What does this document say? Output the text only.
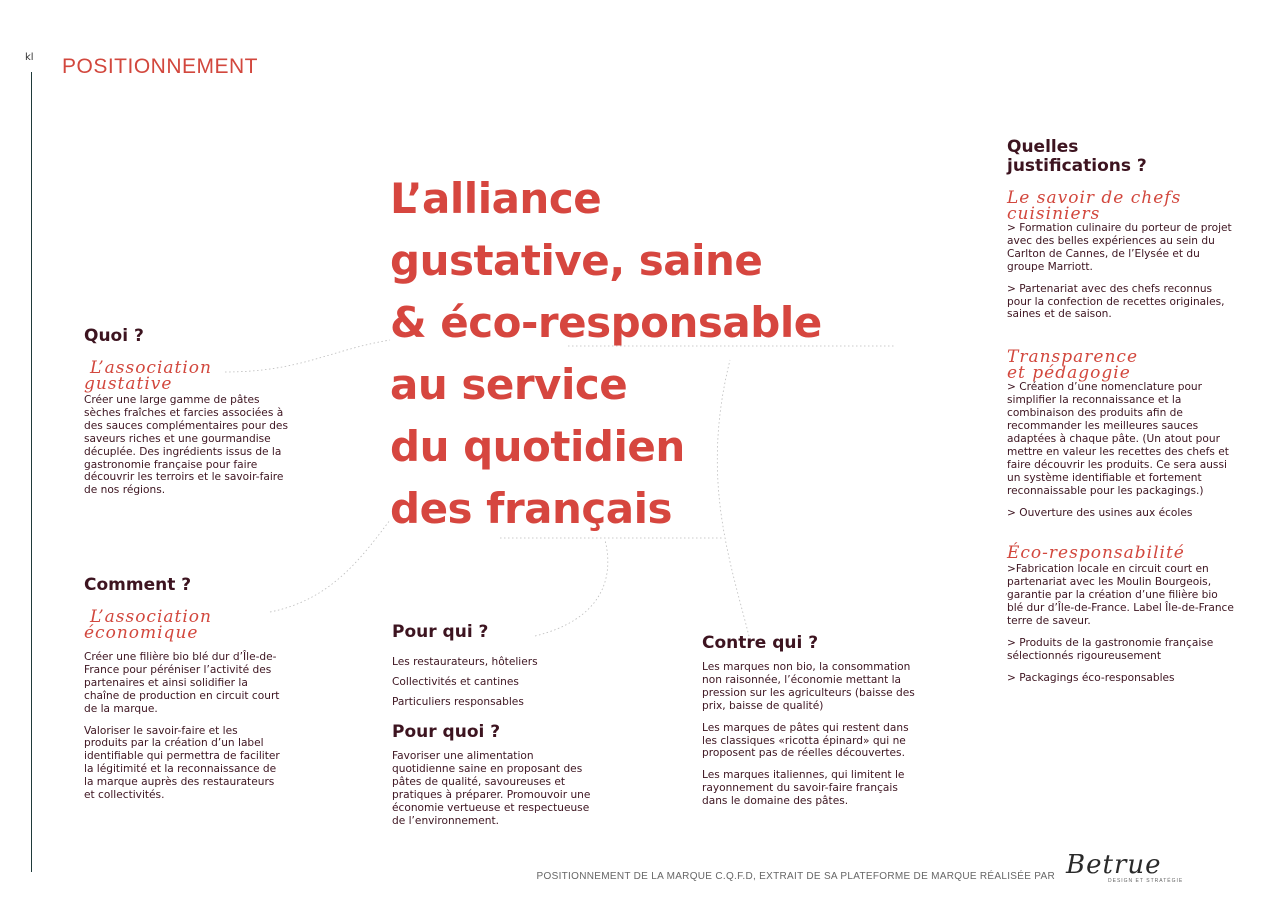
kl POSITIONNEMENT
L’alliance
gustative, saine
& éco-responsable
au service
du quotidien
des français
Quoi ?
L’association
gustative
Créer une large gamme de pâtes sèches fraîches et farcies associées à des sauces complémentaires pour des saveurs riches et une gourmandise décuplée. Des ingrédients issus de la gastronomie française pour faire découvrir les terroirs et le savoir-faire de nos régions.
Comment ?
L’association
économique

Créer une filière bio blé dur d’Île-de-France pour péréniser l’activité des partenaires et ainsi solidifier la chaîne de production en circuit court de la marque.

Valoriser le savoir-faire et les produits par la création d’un label identifiable qui permettra de faciliter la légitimité et la reconnaissance de la marque auprès des restaurateurs et collectivités.

Pour qui ?
Les restaurateurs, hôteliers
Collectivités et cantines
Particuliers responsables
Pour quoi ?
Favoriser une alimentation quotidienne saine en proposant des pâtes de qualité, savoureuses et pratiques à préparer. Promouvoir une économie vertueuse et respectueuse de l’environnement.
Contre qui ?

Les marques non bio, la consommation non raisonnée, l’économie mettant la pression sur les agriculteurs (baisse des prix, baisse de qualité)

Les marques de pâtes qui restent dans les classiques «ricotta épinard» qui ne proposent pas de réelles découvertes.

Les marques italiennes, qui limitent le rayonnement du savoir-faire français dans le domaine des pâtes.

Quelles
justifications ?
Le savoir de chefs
cuisiniers

> Formation culinaire du porteur de projet avec des belles expériences au sein du Carlton de Cannes, de l’Elysée et du groupe Marriott.

> Partenariat avec des chefs reconnus pour la confection de recettes originales, saines et de saison.

Transparence
et pédagogie

> Création d’une nomenclature pour simplifier la reconnaissance et la combinaison des produits afin de recommander les meilleures sauces adaptées à chaque pâte. (Un atout pour mettre en valeur les recettes des chefs et faire découvrir les produits. Ce sera aussi un système identifiable et fortement reconnaissable pour les packagings.)

> Ouverture des usines aux écoles

Éco-responsabilité

>Fabrication locale en circuit court en partenariat avec les Moulin Bourgeois, garantie par la création d’une filière bio blé dur d’Île-de-France. Label Île-de-France terre de saveur.

> Produits de la gastronomie française sélectionnés rigoureusement

> Packagings éco-responsables

POSITIONNEMENT DE LA MARQUE C.Q.F.D, EXTRAIT DE SA PLATEFORME DE MARQUE RÉALISÉE PAR Betrue
DESIGN ET STRATÉGIE
